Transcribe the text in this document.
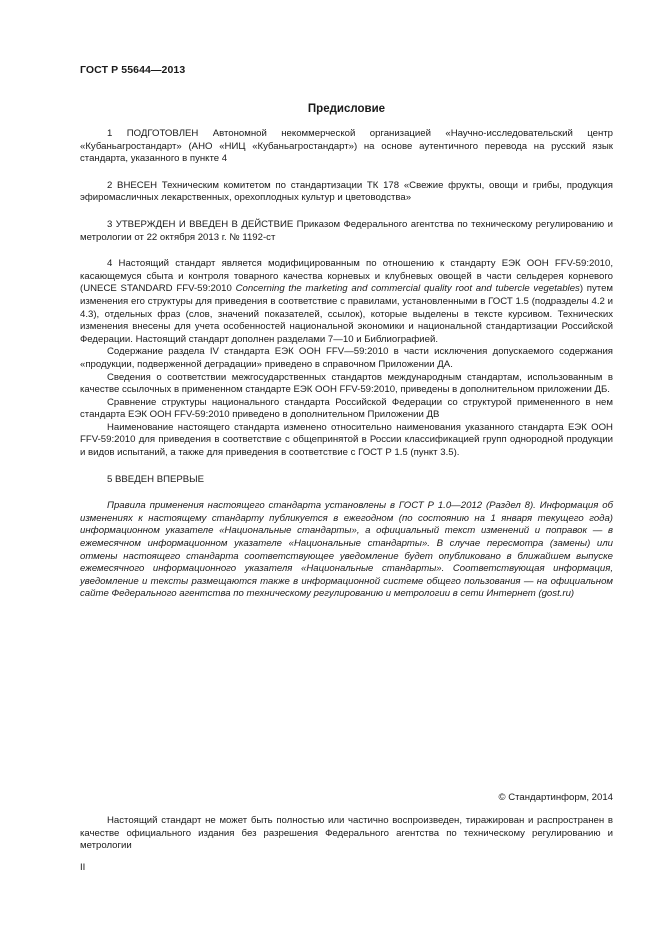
ГОСТ Р 55644—2013
Предисловие

1 ПОДГОТОВЛЕН Автономной некоммерческой организацией «Научно-исследовательский центр «Кубаньагростандарт» (АНО «НИЦ «Кубаньагростандарт») на основе аутентичного перевода на русский язык стандарта, указанного в пункте 4

2 ВНЕСЕН Техническим комитетом по стандартизации ТК 178 «Свежие фрукты, овощи и грибы, продукция эфиромасличных лекарственных, орехоплодных культур и цветоводства»

3 УТВЕРЖДЕН И ВВЕДЕН В ДЕЙСТВИЕ Приказом Федерального агентства по техническому регулированию и метрологии от 22 октября 2013 г. № 1192-ст

4 Настоящий стандарт является модифицированным по отношению к стандарту ЕЭК ООН FFV-59:2010, касающемуся сбыта и контроля товарного качества корневых и клубневых овощей в части сельдерея корневого (UNECE STANDARD FFV-59:2010 Concerning the marketing and commercial quality root and tubercle vegetables) путем изменения его структуры для приведения в соответствие с правилами, установленными в ГОСТ 1.5 (подразделы 4.2 и 4.3), отдельных фраз (слов, значений показателей, ссылок), которые выделены в тексте курсивом. Технических изменения внесены для учета особенностей национальной экономики и национальной стандартизации Российской Федерации. Настоящий стандарт дополнен разделами 7—10 и Библиографией.

Содержание раздела IV стандарта ЕЭК ООН FFV—59:2010 в части исключения допускаемого содержания «продукции, подверженной деградации» приведено в справочном Приложении ДА.

Сведения о соответствии межгосударственных стандартов международным стандартам, использованным в качестве ссылочных в примененном стандарте ЕЭК ООН FFV-59:2010, приведены в дополнительном приложении ДБ.

Сравнение структуры национального стандарта Российской Федерации со структурой примененного в нем стандарта ЕЭК ООН FFV-59:2010 приведено в дополнительном Приложении ДВ

Наименование настоящего стандарта изменено относительно наименования указанного стандарта ЕЭК ООН FFV-59:2010 для приведения в соответствие с общепринятой в России классификацией групп однородной продукции и видов испытаний, а также для приведения в соответствие с ГОСТ Р 1.5 (пункт 3.5).

5 ВВЕДЕН ВПЕРВЫЕ

Правила применения настоящего стандарта установлены в ГОСТ Р 1.0—2012 (Раздел 8). Информация об изменениях к настоящему стандарту публикуется в ежегодном (по состоянию на 1 января текущего года) информационном указателе «Национальные стандарты», а официальный текст изменений и поправок — в ежемесячном информационном указателе «Национальные стандарты». В случае пересмотра (замены) или отмены настоящего стандарта соответствующее уведомление будет опубликовано в ближайшем выпуске ежемесячного информационного указателя «Национальные стандарты». Соответствующая информация, уведомление и тексты размещаются также в информационной системе общего пользования — на официальном сайте Федерального агентства по техническому регулированию и метрологии в сети Интернет (gost.ru)

© Стандартинформ, 2014

Настоящий стандарт не может быть полностью или частично воспроизведен, тиражирован и распространен в качестве официального издания без разрешения Федерального агентства по техническому регулированию и метрологии

II
